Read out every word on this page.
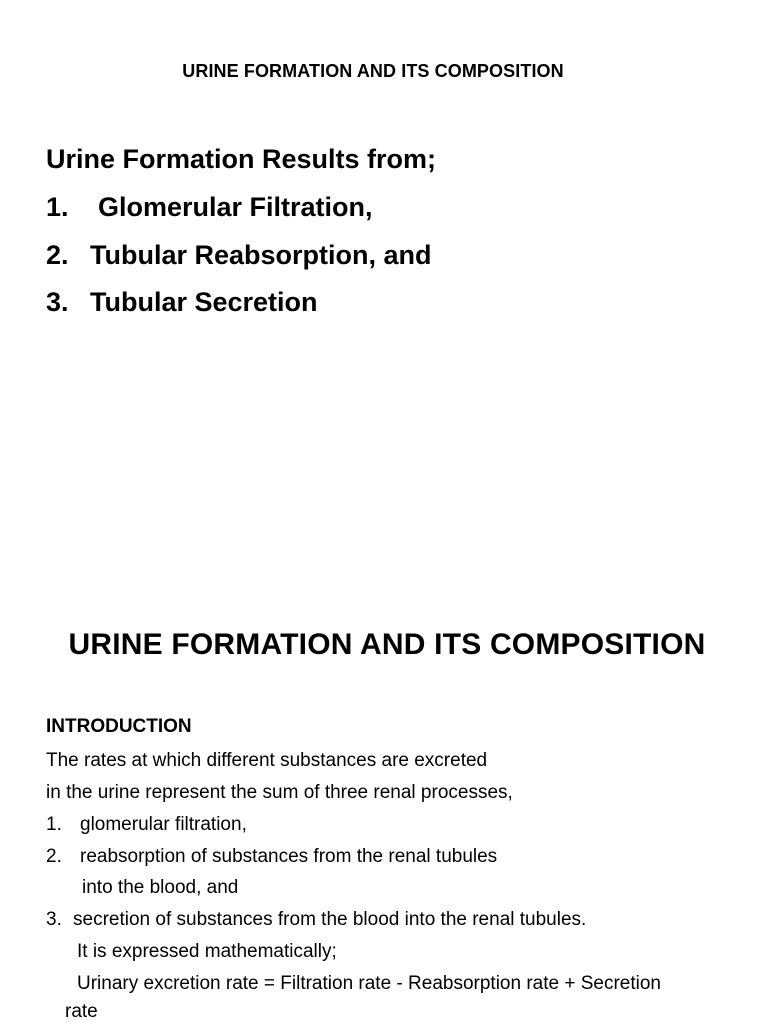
URINE FORMATION AND ITS COMPOSITION
Urine Formation Results from;
1. Glomerular Filtration,
2. Tubular Reabsorption, and
3. Tubular Secretion
URINE FORMATION AND ITS COMPOSITION
INTRODUCTION
The rates at which different substances are excreted
in the urine represent the sum of three renal processes,
1. glomerular filtration,
2. reabsorption of substances from the renal tubules
into the blood, and
3. secretion of substances from the blood into the renal tubules.
It is expressed mathematically;
Urinary excretion rate = Filtration rate - Reabsorption rate + Secretion
rate
